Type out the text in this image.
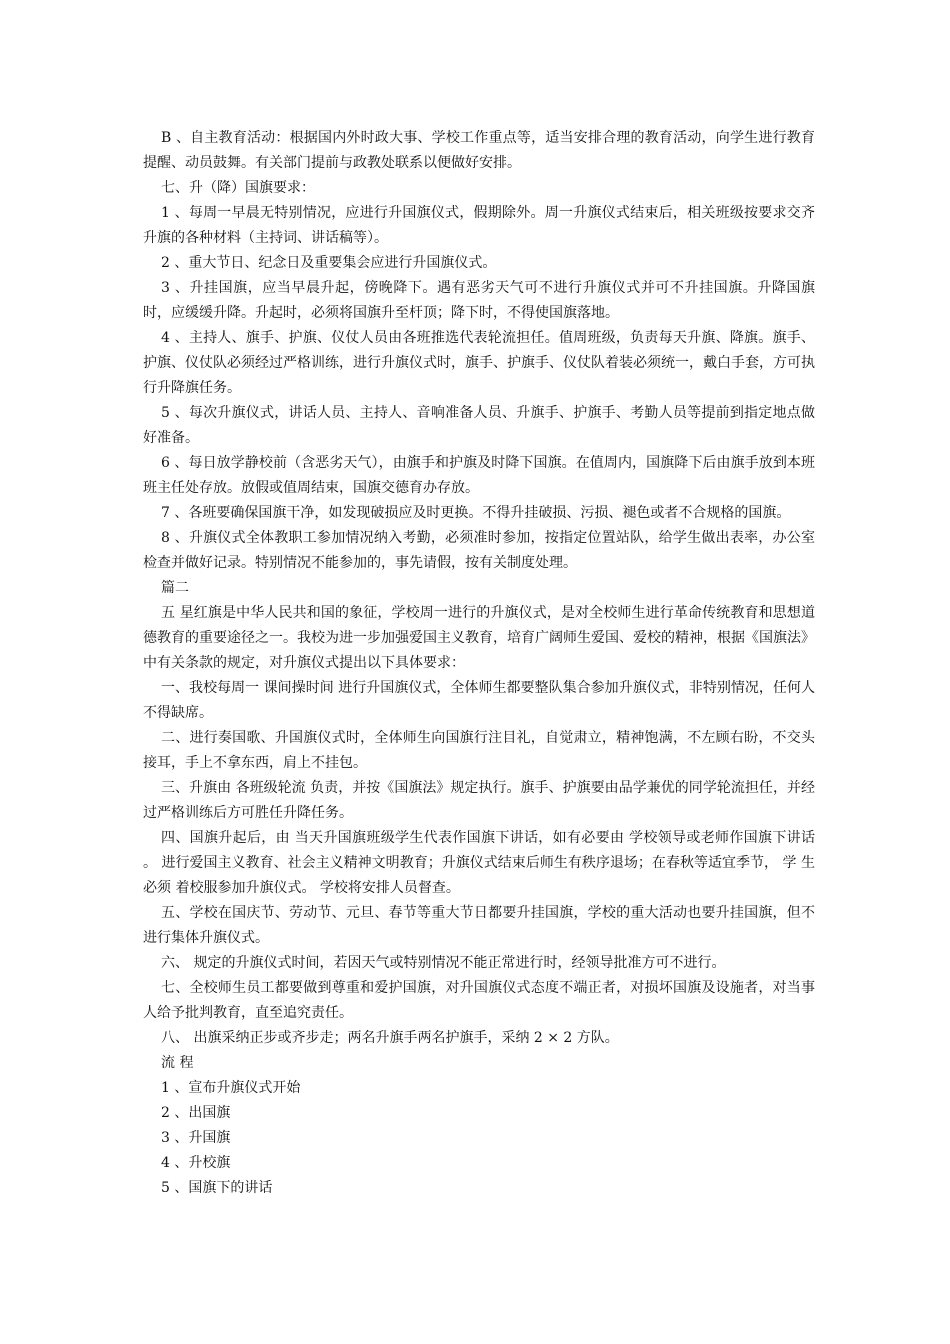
B 、自主教育活动：根据国内外时政大事、学校工作重点等，适当安排合理的教育活动，向学生进行教育提醒、动员鼓舞。有关部门提前与政教处联系以便做好安排。

七、升（降）国旗要求：

1 、每周一早晨无特别情况，应进行升国旗仪式，假期除外。周一升旗仪式结束后，相关班级按要求交齐升旗的各种材料（主持词、讲话稿等）。

2 、重大节日、纪念日及重要集会应进行升国旗仪式。

3 、升挂国旗，应当早晨升起，傍晚降下。遇有恶劣天气可不进行升旗仪式并可不升挂国旗。升降国旗时，应缓缓升降。升起时，必须将国旗升至杆顶；降下时，不得使国旗落地。

4 、主持人、旗手、护旗、仪仗人员由各班推选代表轮流担任。值周班级，负责每天升旗、降旗。旗手、护旗、仪仗队必须经过严格训练，进行升旗仪式时，旗手、护旗手、仪仗队着装必须统一，戴白手套，方可执行升降旗任务。

5 、每次升旗仪式，讲话人员、主持人、音响准备人员、升旗手、护旗手、考勤人员等提前到指定地点做好准备。

6 、每日放学静校前（含恶劣天气），由旗手和护旗及时降下国旗。在值周内，国旗降下后由旗手放到本班班主任处存放。放假或值周结束，国旗交德育办存放。

7 、各班要确保国旗干净，如发现破损应及时更换。不得升挂破损、污损、褪色或者不合规格的国旗。

8 、升旗仪式全体教职工参加情况纳入考勤，必须准时参加，按指定位置站队，给学生做出表率，办公室检查并做好记录。特别情况不能参加的，事先请假，按有关制度处理。

篇二

五 星红旗是中华人民共和国的象征，学校周一进行的升旗仪式，是对全校师生进行革命传统教育和思想道德教育的重要途径之一。我校为进一步加强爱国主义教育，培育广阔师生爱国、爱校的精神，根据《国旗法》中有关条款的规定，对升旗仪式提出以下具体要求：

一、我校每周一 课间操时间 进行升国旗仪式，全体师生都要整队集合参加升旗仪式，非特别情况，任何人不得缺席。

二、进行奏国歌、升国旗仪式时，全体师生向国旗行注目礼，自觉肃立，精神饱满，不左顾右盼，不交头接耳，手上不拿东西，肩上不挂包。

三、升旗由 各班级轮流 负责，并按《国旗法》规定执行。旗手、护旗要由品学兼优的同学轮流担任，并经过严格训练后方可胜任升降任务。

四、国旗升起后，由 当天升国旗班级学生代表作国旗下讲话，如有必要由 学校领导或老师作国旗下讲话 。 进行爱国主义教育、社会主义精神文明教育；升旗仪式结束后师生有秩序退场；在春秋等适宜季节， 学 生 必须 着校服参加升旗仪式。 学校将安排人员督查。

五、学校在国庆节、劳动节、元旦、春节等重大节日都要升挂国旗，学校的重大活动也要升挂国旗，但不进行集体升旗仪式。

六、 规定的升旗仪式时间，若因天气或特别情况不能正常进行时，经领导批准方可不进行。

七、全校师生员工都要做到尊重和爱护国旗，对升国旗仪式态度不端正者，对损坏国旗及设施者，对当事人给予批判教育，直至追究责任。

八、 出旗采纳正步或齐步走；两名升旗手两名护旗手，采纳 2 × 2 方队。

流 程

1 、宣布升旗仪式开始

2 、出国旗

3 、升国旗

4 、升校旗

5 、国旗下的讲话
